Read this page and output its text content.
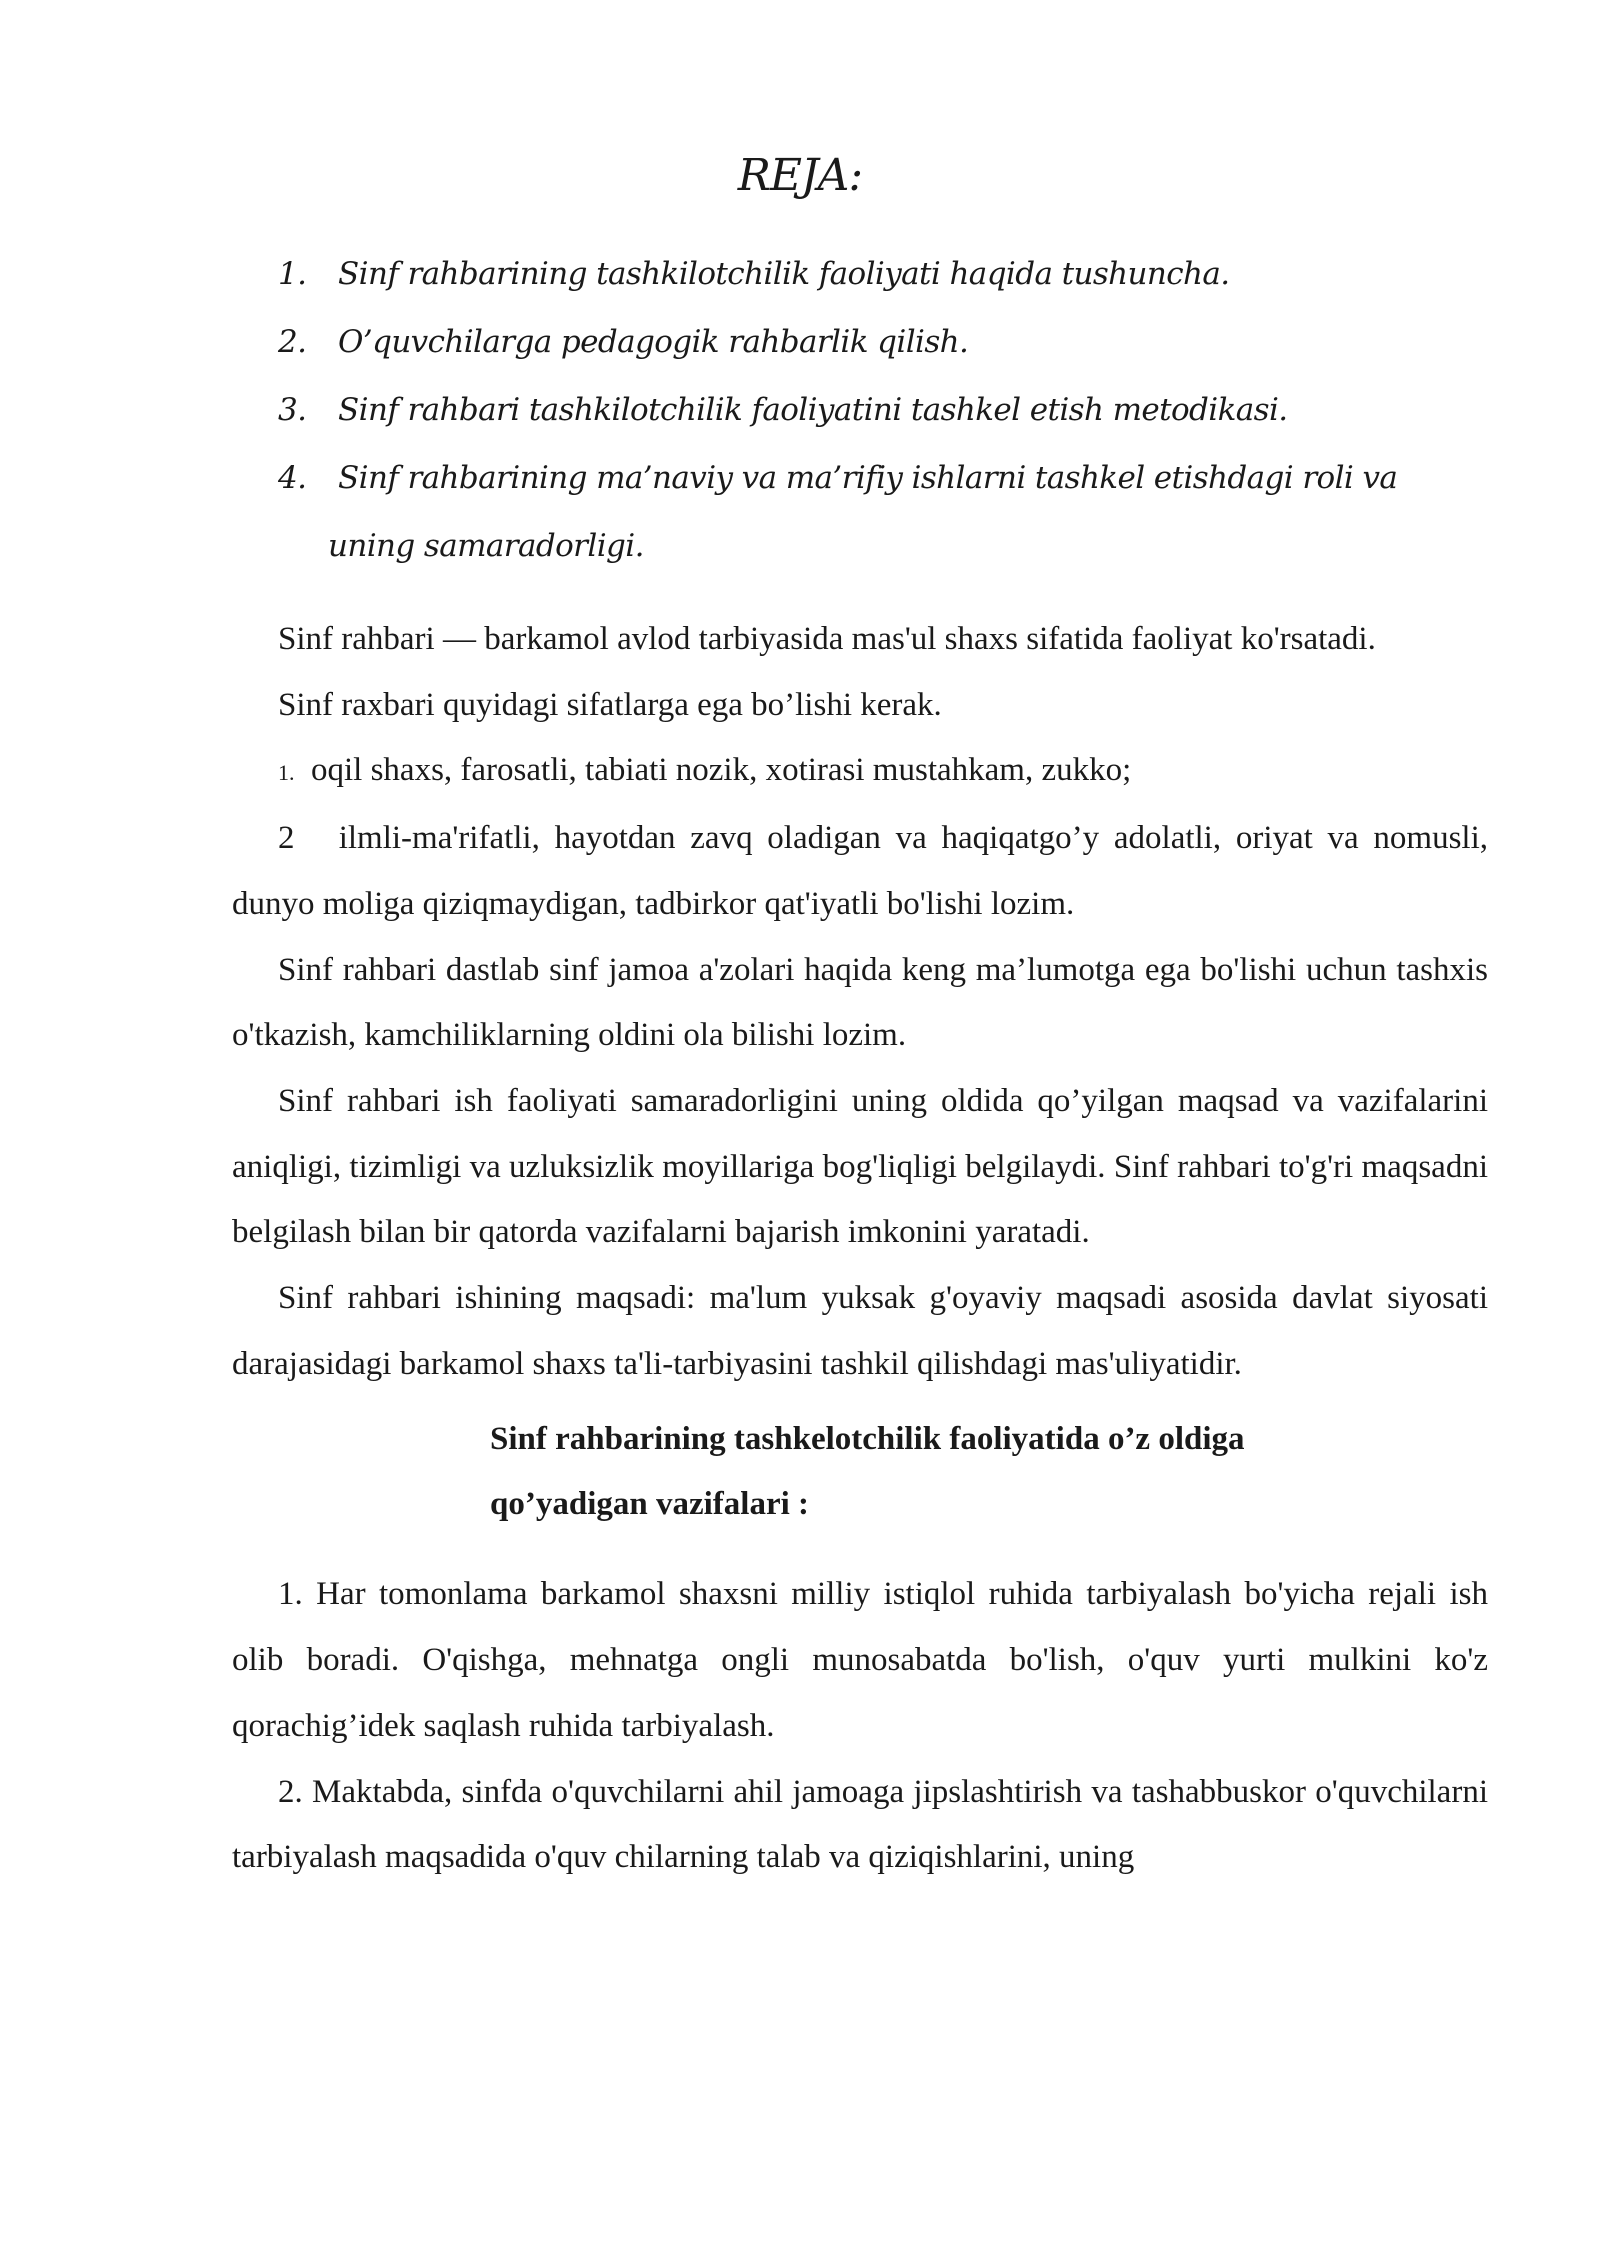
REJA:
1.	Sinf rahbarining tashkilotchilik faoliyati haqida tushuncha.
2.	O’quvchilarga pedagogik rahbarlik qilish.
3.	Sinf rahbari tashkilotchilik faoliyatini tashkel etish metodikasi.
4.	Sinf rahbarining ma’naviy va ma’rifiy ishlarni tashkel etishdagi roli va
uning samaradorligi.

Sinf rahbari — barkamol avlod tarbiyasida mas'ul shaxs sifatida faoliyat ko'rsatadi.

Sinf raxbari quyidagi sifatlarga ega bo’lishi kerak.

1. oqil shaxs, farosatli, tabiati nozik, xotirasi mustahkam, zukko;

2 ilmli-ma'rifatli, hayotdan zavq oladigan va haqiqatgo’y adolatli, oriyat va nomusli, dunyo moliga qiziqmaydigan, tadbirkor qat'iyatli bo'lishi lozim.

Sinf rahbari dastlab sinf jamoa a'zolari haqida keng ma’lumotga ega bo'lishi uchun tashxis o'tkazish, kamchiliklarning oldini ola bilishi lozim.

Sinf rahbari ish faoliyati samaradorligini uning oldida qo’yilgan maqsad va vazifalarini aniqligi, tizimligi va uzluksizlik moyillariga bog'liqligi belgilaydi. Sinf rahbari to'g'ri maqsadni belgilash bilan bir qatorda vazifalarni bajarish imkonini yaratadi.

Sinf rahbari ishining maqsadi: ma'lum yuksak g'oyaviy maqsadi asosida davlat siyosati darajasidagi barkamol shaxs ta'li-tarbiyasini tashkil qilishdagi mas'uliyatidir.

Sinf rahbarining tashkelotchilik faoliyatida o’z oldiga

qo’yadigan vazifalari :

1. Har tomonlama barkamol shaxsni milliy istiqlol ruhida tarbiyalash bo'yicha rejali ish olib boradi. O'qishga, mehnatga ongli munosabatda bo'lish, o'quv yurti mulkini ko'z qorachig’idek saqlash ruhida tarbiyalash.

2. Maktabda, sinfda o'quvchilarni ahil jamoaga jipslashtirish va tashabbuskor o'quvchilarni tarbiyalash maqsadida o'quv chilarning talab va qiziqishlarini, uning
